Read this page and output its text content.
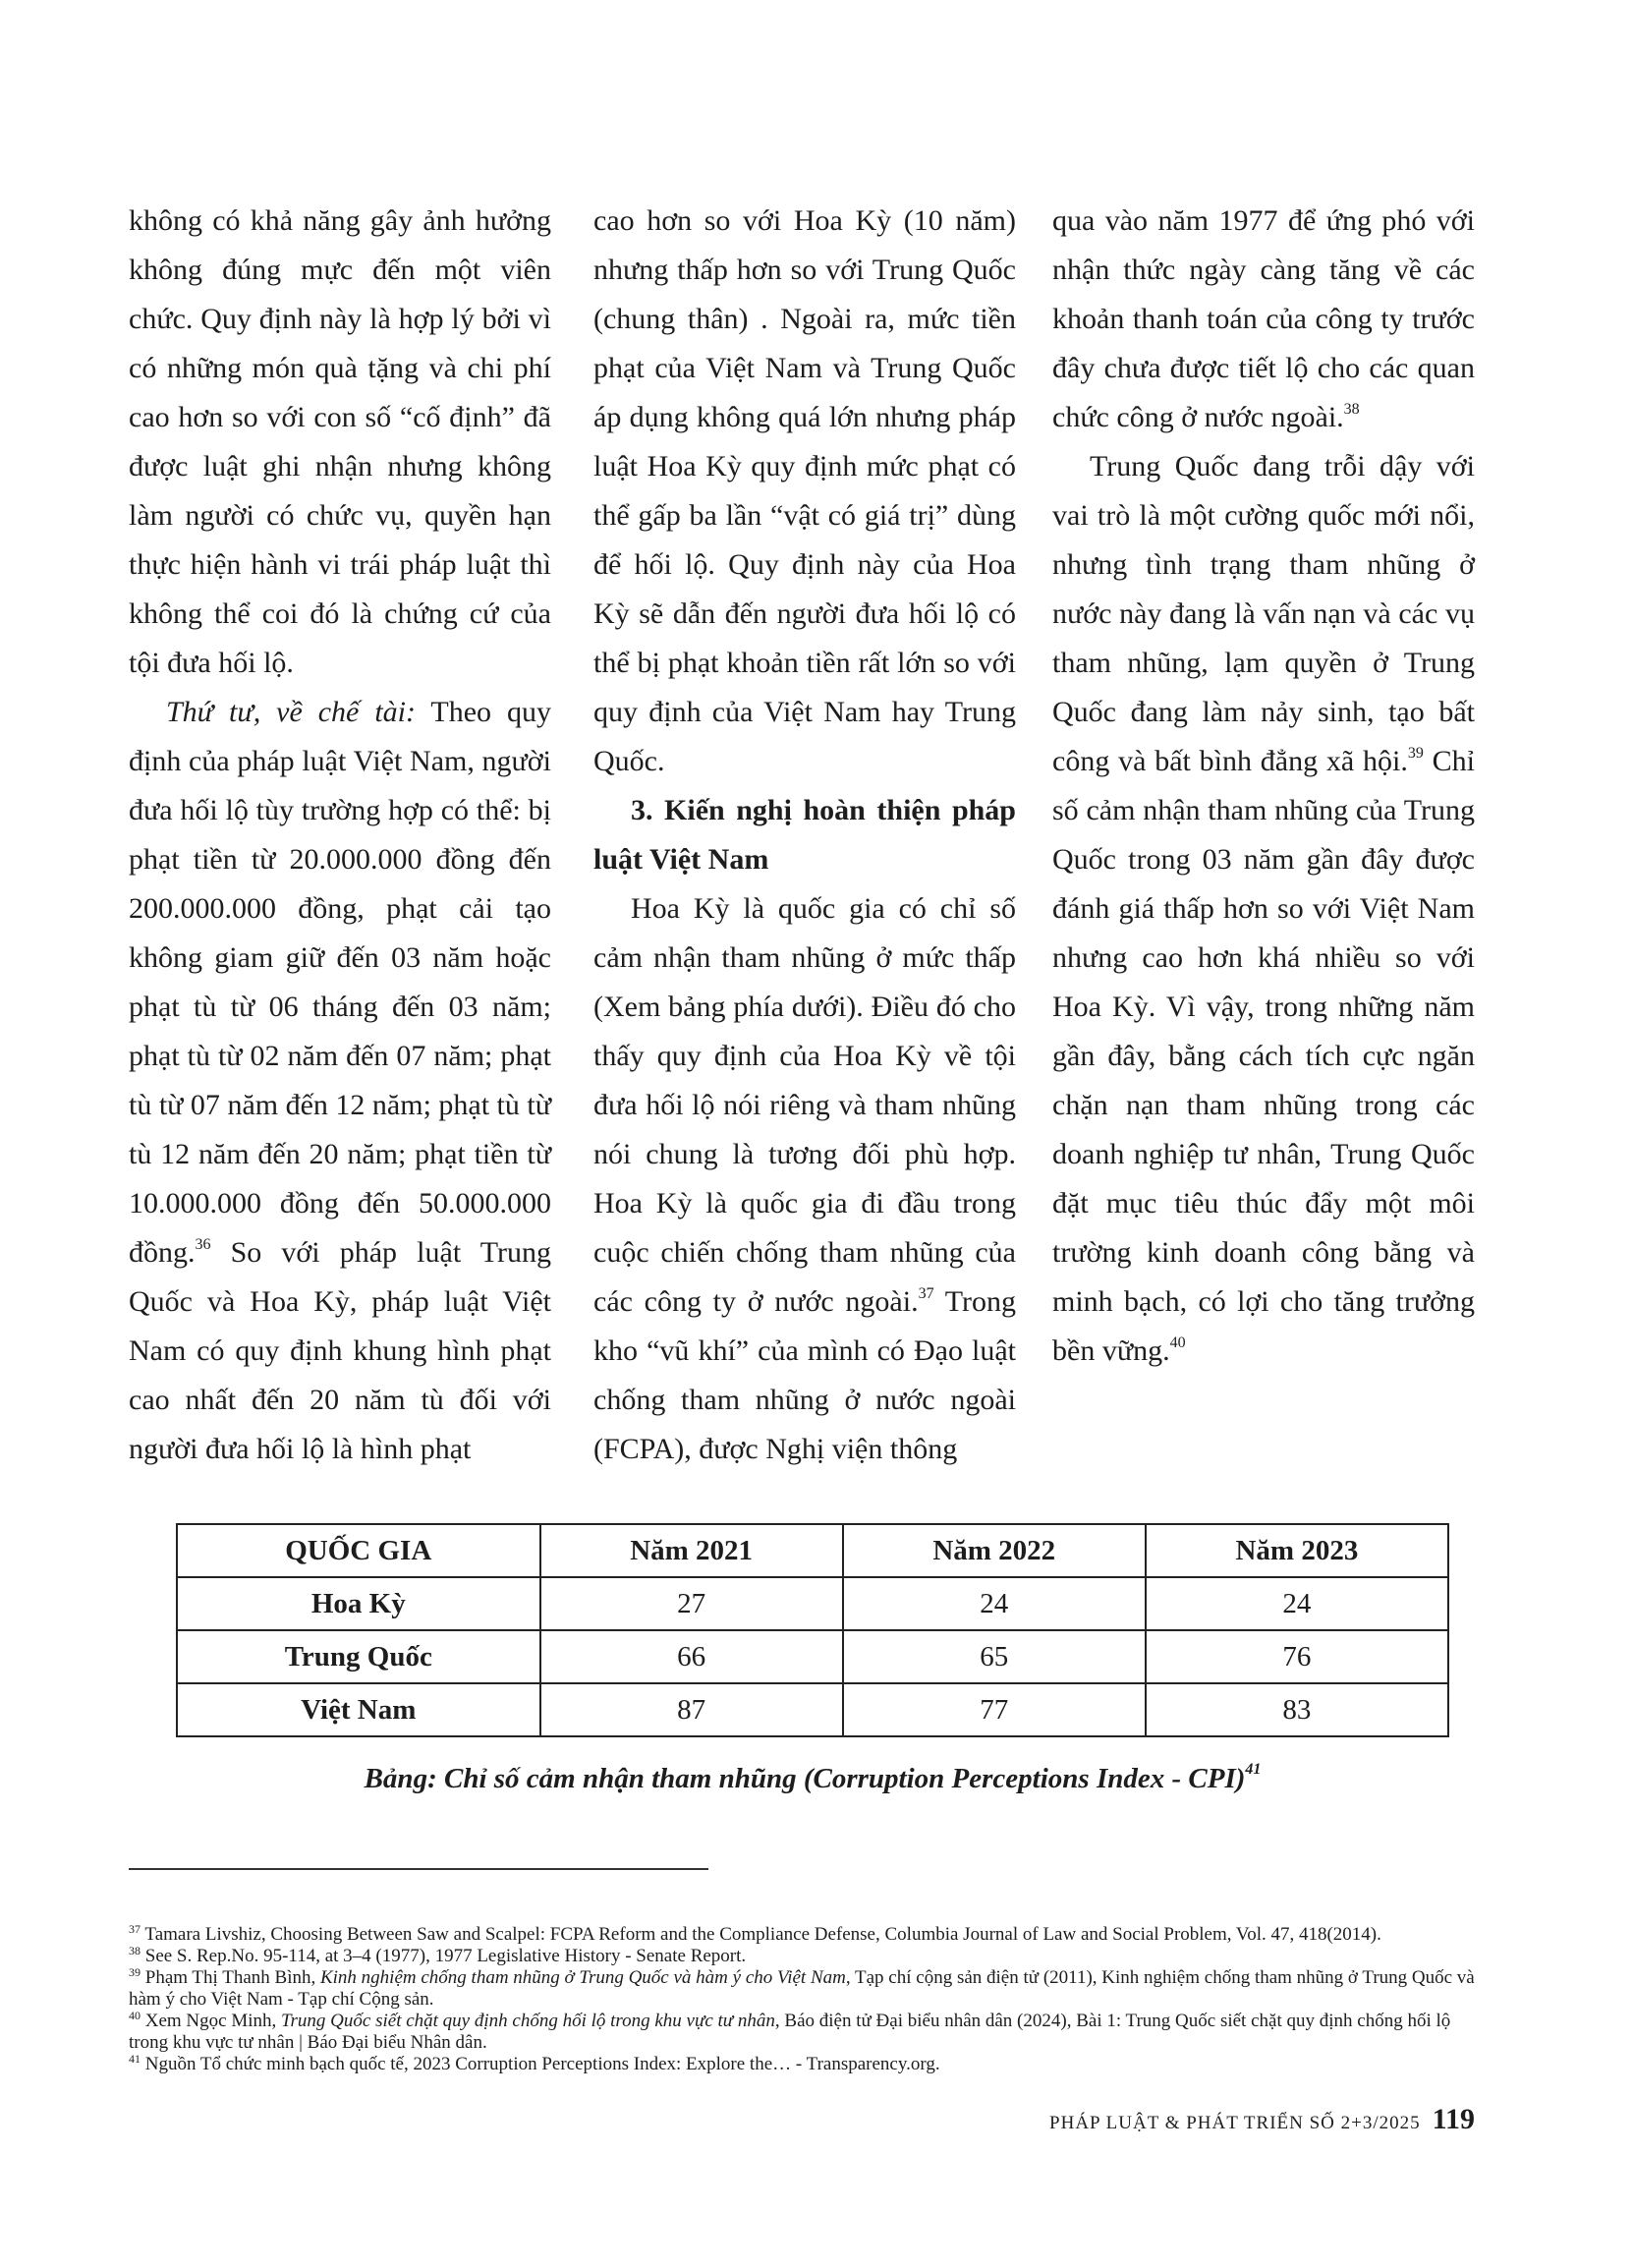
không có khả năng gây ảnh hưởng không đúng mực đến một viên chức. Quy định này là hợp lý bởi vì có những món quà tặng và chi phí cao hơn so với con số “cố định” đã được luật ghi nhận nhưng không làm người có chức vụ, quyền hạn thực hiện hành vi trái pháp luật thì không thể coi đó là chứng cứ của tội đưa hối lộ.

Thứ tư, về chế tài: Theo quy định của pháp luật Việt Nam, người đưa hối lộ tùy trường hợp có thể: bị phạt tiền từ 20.000.000 đồng đến 200.000.000 đồng, phạt cải tạo không giam giữ đến 03 năm hoặc phạt tù từ 06 tháng đến 03 năm; phạt tù từ 02 năm đến 07 năm; phạt tù từ 07 năm đến 12 năm; phạt tù từ tù 12 năm đến 20 năm; phạt tiền từ 10.000.000 đồng đến 50.000.000 đồng.$^{36}$ So với pháp luật Trung Quốc và Hoa Kỳ, pháp luật Việt Nam có quy định khung hình phạt cao nhất đến 20 năm tù đối với người đưa hối lộ là hình phạt

cao hơn so với Hoa Kỳ (10 năm) nhưng thấp hơn so với Trung Quốc (chung thân) . Ngoài ra, mức tiền phạt của Việt Nam và Trung Quốc áp dụng không quá lớn nhưng pháp luật Hoa Kỳ quy định mức phạt có thể gấp ba lần “vật có giá trị” dùng để hối lộ. Quy định này của Hoa Kỳ sẽ dẫn đến người đưa hối lộ có thể bị phạt khoản tiền rất lớn so với quy định của Việt Nam hay Trung Quốc.

3. Kiến nghị hoàn thiện pháp luật Việt Nam

Hoa Kỳ là quốc gia có chỉ số cảm nhận tham nhũng ở mức thấp (Xem bảng phía dưới). Điều đó cho thấy quy định của Hoa Kỳ về tội đưa hối lộ nói riêng và tham nhũng nói chung là tương đối phù hợp. Hoa Kỳ là quốc gia đi đầu trong cuộc chiến chống tham nhũng của các công ty ở nước ngoài.$^{37}$ Trong kho “vũ khí” của mình có Đạo luật chống tham nhũng ở nước ngoài (FCPA), được Nghị viện thông

qua vào năm 1977 để ứng phó với nhận thức ngày càng tăng về các khoản thanh toán của công ty trước đây chưa được tiết lộ cho các quan chức công ở nước ngoài.$^{38}$

Trung Quốc đang trỗi dậy với vai trò là một cường quốc mới nổi, nhưng tình trạng tham nhũng ở nước này đang là vấn nạn và các vụ tham nhũng, lạm quyền ở Trung Quốc đang làm nảy sinh, tạo bất công và bất bình đẳng xã hội.$^{39}$ Chỉ số cảm nhận tham nhũng của Trung Quốc trong 03 năm gần đây được đánh giá thấp hơn so với Việt Nam nhưng cao hơn khá nhiều so với Hoa Kỳ. Vì vậy, trong những năm gần đây, bằng cách tích cực ngăn chặn nạn tham nhũng trong các doanh nghiệp tư nhân, Trung Quốc đặt mục tiêu thúc đẩy một môi trường kinh doanh công bằng và minh bạch, có lợi cho tăng trưởng bền vững.$^{40}$

QUỐC GIA	Năm 2021	Năm 2022	Năm 2023
Hoa Kỳ	27	24	24
Trung Quốc	66	65	76
Việt Nam	87	77	83
Bảng: Chỉ số cảm nhận tham nhũng (Corruption Perceptions Index - CPI)$^{41}$

$^{37}$ Tamara Livshiz, Choosing Between Saw and Scalpel: FCPA Reform and the Compliance Defense, Columbia Journal of Law and Social Problem, Vol. 47, 418(2014).

$^{38}$ See S. Rep.No. 95-114, at 3–4 (1977), 1977 Legislative History - Senate Report.

$^{39}$ Phạm Thị Thanh Bình, Kinh nghiệm chống tham nhũng ở Trung Quốc và hàm ý cho Việt Nam, Tạp chí cộng sản điện tử (2011), Kinh nghiệm chống tham nhũng ở Trung Quốc và hàm ý cho Việt Nam - Tạp chí Cộng sản.

$^{40}$ Xem Ngọc Minh, Trung Quốc siết chặt quy định chống hối lộ trong khu vực tư nhân, Báo điện tử Đại biểu nhân dân (2024), Bài 1: Trung Quốc siết chặt quy định chống hối lộ trong khu vực tư nhân | Báo Đại biểu Nhân dân.

$^{41}$ Nguồn Tổ chức minh bạch quốc tế, 2023 Corruption Perceptions Index: Explore the… - Transparency.org.

PHÁP LUẬT & PHÁT TRIỂN SỐ 2+3/2025 119
